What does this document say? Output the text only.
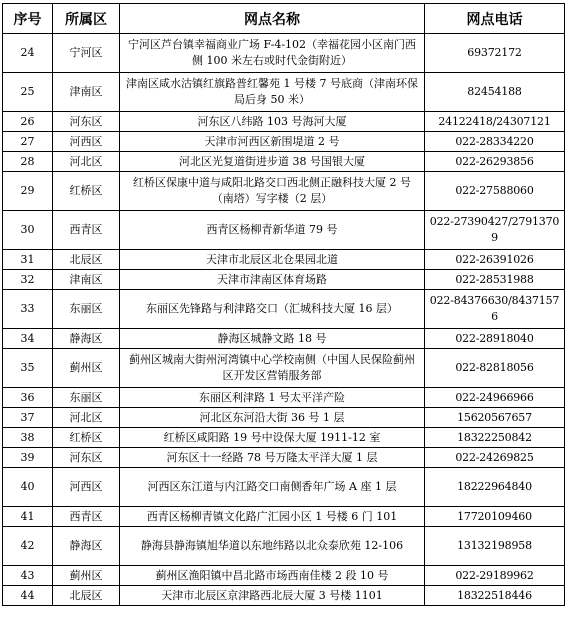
序号	所属区	网点名称	网点电话
24	宁河区	宁河区芦台镇幸福商业广场 F-4-102（幸福花园小区南门西侧 100 米左右或时代金街附近）	69372172
25	津南区	津南区咸水沽镇红旗路普红馨苑 1 号楼 7 号底商（津南环保局后身 50 米）	82454188
26	河东区	河东区八纬路 103 号海河大厦	24122418/24307121
27	河西区	天津市河西区新围堤道 2 号	022-28334220
28	河北区	河北区光复道街进步道 38 号国银大厦	022-26293856
29	红桥区	红桥区保康中道与咸阳北路交口西北侧正融科技大厦 2 号（南塔）写字楼（2 层）	022-27588060
30	西青区	西青区杨柳青新华道 79 号	022-27390427/27913709
31	北辰区	天津市北辰区北仓果园北道	022-26391026
32	津南区	天津市津南区体育场路	022-28531988
33	东丽区	东丽区先锋路与利津路交口（汇城科技大厦 16 层）	022-84376630/84371576
34	静海区	静海区城静文路 18 号	022-28918040
35	蓟州区	蓟州区城南大街州河湾镇中心学校南侧（中国人民保险蓟州区开发区营销服务部	022-82818056
36	东丽区	东丽区利津路 1 号太平洋产险	022-24966966
37	河北区	河北区东河沿大街 36 号 1 层	15620567657
38	红桥区	红桥区咸阳路 19 号中设保大厦 1911-12 室	18322250842
39	河东区	河东区十一经路 78 号万隆太平洋大厦 1 层	022-24269825
40	河西区	河西区东江道与内江路交口南侧香年广场 A 座 1 层	18222964840
41	西青区	西青区杨柳青镇文化路广汇园小区 1 号楼 6 门 101	17720109460
42	静海区	静海县静海镇旭华道以东地纬路以北众泰欣苑 12-106	13132198958
43	蓟州区	蓟州区渔阳镇中昌北路市场西南佳楼 2 段 10 号	022-29189962
44	北辰区	天津市北辰区京津路西北辰大厦 3 号楼 1101	18322518446
